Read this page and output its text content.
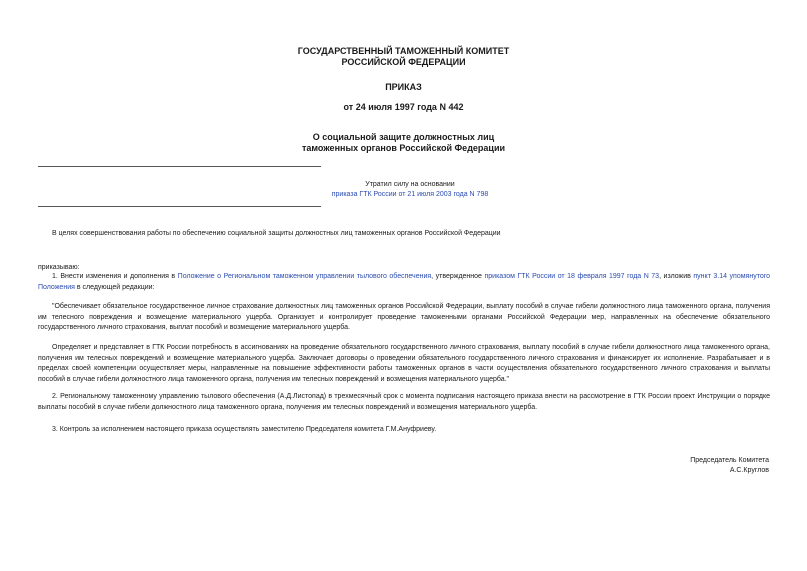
ГОСУДАРСТВЕННЫЙ ТАМОЖЕННЫЙ КОМИТЕТ
РОССИЙСКОЙ ФЕДЕРАЦИИ
ПРИКАЗ
от 24 июля 1997 года N 442
О социальной защите должностных лиц
таможенных органов Российской Федерации
Утратил силу на основании
приказа ГТК России от 21 июля 2003 года N 798
В целях совершенствования работы по обеспечению социальной защиты должностных лиц таможенных органов Российской Федерации
приказываю:
1. Внести изменения и дополнения в Положение о Региональном таможенном управлении тылового обеспечения, утвержденное приказом ГТК России от 18 февраля 1997 года N 73, изложив пункт 3.14 упомянутого Положения в следующей редакции:
"Обеспечивает обязательное государственное личное страхование должностных лиц таможенных органов Российской Федерации, выплату пособий в случае гибели должностного лица таможенного органа, получения им телесного повреждения и возмещение материального ущерба. Организует и контролирует проведение таможенными органами Российской Федерации мер, направленных на обеспечение обязательного государственного личного страхования, выплат пособий и возмещение материального ущерба.
Определяет и представляет в ГТК России потребность в ассигнованиях на проведение обязательного государственного личного страхования, выплату пособий в случае гибели должностного лица таможенного органа, получения им телесных повреждений и возмещение материального ущерба. Заключает договоры о проведении обязательного государственного личного страхования и финансирует их исполнение. Разрабатывает и в пределах своей компетенции осуществляет меры, направленные на повышение эффективности работы таможенных органов в части осуществления обязательного государственного личного страхования и выплаты пособий в случае гибели должностного лица таможенного органа, получения им телесных повреждений и возмещения материального ущерба."
2. Региональному таможенному управлению тылового обеспечения (А.Д.Листопад) в трехмесячный срок с момента подписания настоящего приказа внести на рассмотрение в ГТК России проект Инструкции о порядке выплаты пособий в случае гибели должностного лица таможенного органа, получения им телесных повреждений и возмещения материального ущерба.
3. Контроль за исполнением настоящего приказа осуществлять заместителю Председателя комитета Г.М.Ануфриеву.
Председатель Комитета
А.С.Круглов
